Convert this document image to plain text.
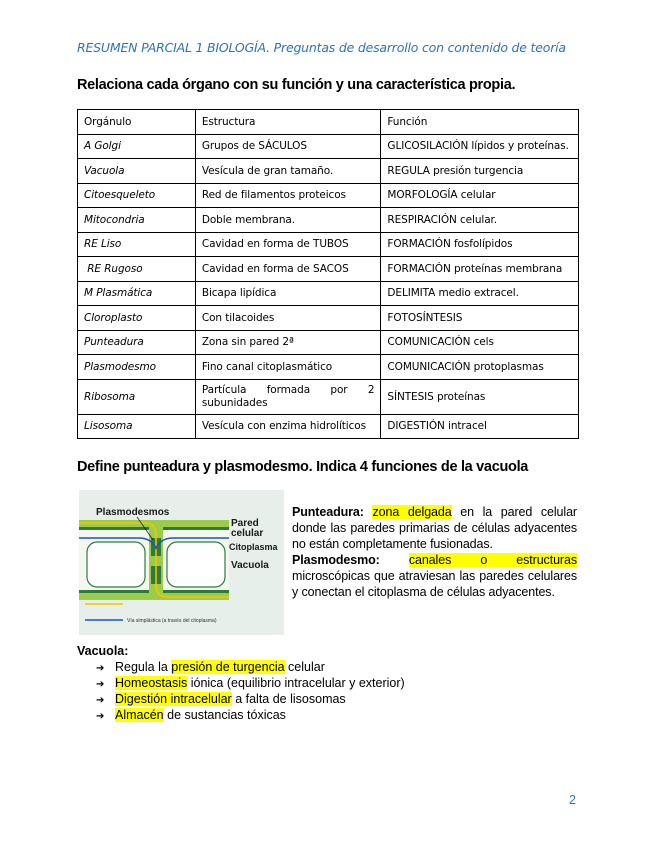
RESUMEN PARCIAL 1 BIOLOGÍA. Preguntas de desarrollo con contenido de teoría
Relaciona cada órgano con su función y una característica propia.
Orgánulo	Estructura	Función
A Golgi	Grupos de SÁCULOS	GLICOSILACIÓN lípidos y proteínas.
Vacuola	Vesícula de gran tamaño.	REGULA presión turgencia
Citoesqueleto	Red de filamentos proteicos	MORFOLOGÍA celular
Mitocondria	Doble membrana.	RESPIRACIÓN celular.
RE Liso	Cavidad en forma de TUBOS	FORMACIÓN fosfolípidos
RE Rugoso	Cavidad en forma de SACOS	FORMACIÓN proteínas membrana
M Plasmática	Bicapa lipídica	DELIMITA medio extracel.
Cloroplasto	Con tilacoides	FOTOSÍNTESIS
Punteadura	Zona sin pared 2ª	COMUNICACIÓN cels
Plasmodesmo	Fino canal citoplasmático	COMUNICACIÓN protoplasmas
Ribosoma	Partícula formada por 2 subunidades	SÍNTESIS proteínas
Lisosoma	Vesícula con enzima hidrolíticos	DIGESTIÓN intracel
Define punteadura y plasmodesmo. Indica 4 funciones de la vacuola
Plasmodesmos
Pared
celular
Citoplasma
Vacuola
Vía simplástica (a través del citoplasma)
Punteadura: zona delgada en la pared celular donde las paredes primarias de células adyacentes no están completamente fusionadas.
Plasmodesmo: canales o estructuras microscópicas que atraviesan las paredes celulares y conectan el citoplasma de células adyacentes.
Vacuola:
➔ Regula la presión de turgencia celular
➔ Homeostasis iónica (equilibrio intracelular y exterior)
➔ Digestión intracelular a falta de lisosomas
➔ Almacén de sustancias tóxicas
2
